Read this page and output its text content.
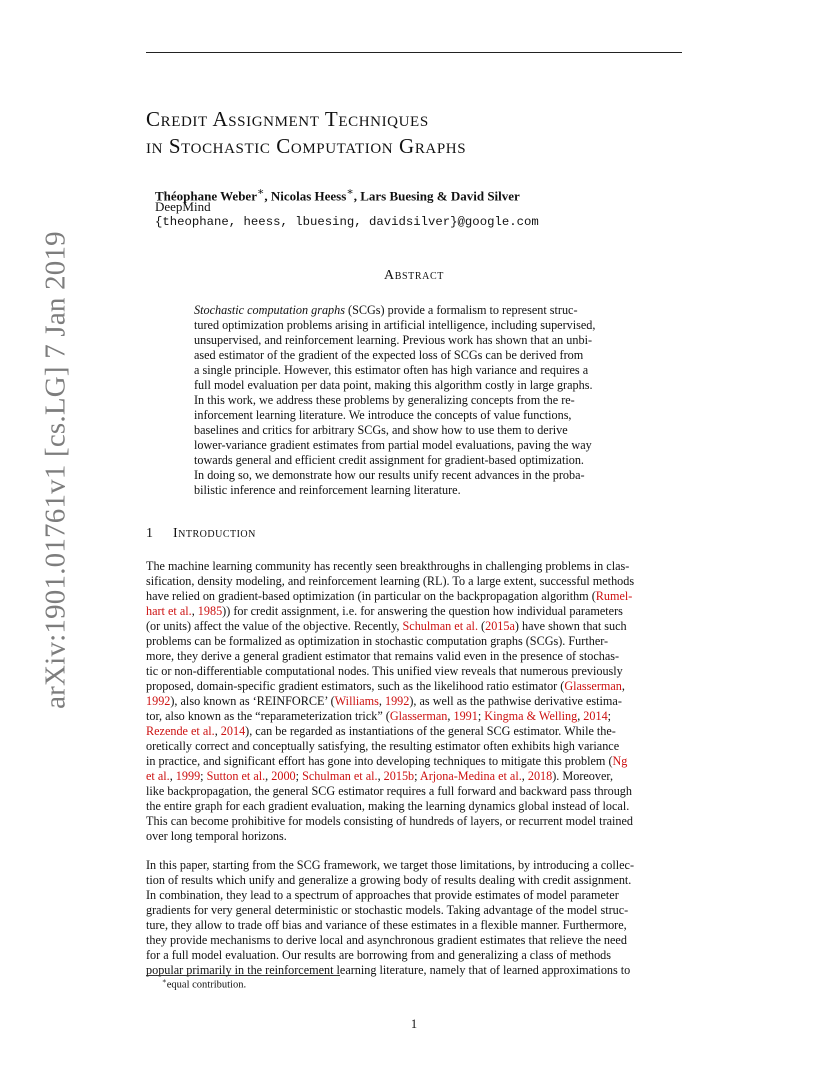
arXiv:1901.01761v1 [cs.LG] 7 Jan 2019
Credit Assignment Techniques
in Stochastic Computation Graphs
Théophane Weber∗, Nicolas Heess∗, Lars Buesing & David Silver
DeepMind
{theophane, heess, lbuesing, davidsilver}@google.com
Abstract
Stochastic computation graphs (SCGs) provide a formalism to represent struc-
tured optimization problems arising in artificial intelligence, including supervised,
unsupervised, and reinforcement learning. Previous work has shown that an unbi-
ased estimator of the gradient of the expected loss of SCGs can be derived from
a single principle. However, this estimator often has high variance and requires a
full model evaluation per data point, making this algorithm costly in large graphs.
In this work, we address these problems by generalizing concepts from the re-
inforcement learning literature. We introduce the concepts of value functions,
baselines and critics for arbitrary SCGs, and show how to use them to derive
lower-variance gradient estimates from partial model evaluations, paving the way
towards general and efficient credit assignment for gradient-based optimization.
In doing so, we demonstrate how our results unify recent advances in the proba-
bilistic inference and reinforcement learning literature.
1 Introduction
The machine learning community has recently seen breakthroughs in challenging problems in clas-
sification, density modeling, and reinforcement learning (RL). To a large extent, successful methods
have relied on gradient-based optimization (in particular on the backpropagation algorithm (Rumel-
hart et al., 1985)) for credit assignment, i.e. for answering the question how individual parameters
(or units) affect the value of the objective. Recently, Schulman et al. (2015a) have shown that such
problems can be formalized as optimization in stochastic computation graphs (SCGs). Further-
more, they derive a general gradient estimator that remains valid even in the presence of stochas-
tic or non-differentiable computational nodes. This unified view reveals that numerous previously
proposed, domain-specific gradient estimators, such as the likelihood ratio estimator (Glasserman,
1992), also known as ‘REINFORCE’ (Williams, 1992), as well as the pathwise derivative estima-
tor, also known as the “reparameterization trick” (Glasserman, 1991; Kingma & Welling, 2014;
Rezende et al., 2014), can be regarded as instantiations of the general SCG estimator. While the-
oretically correct and conceptually satisfying, the resulting estimator often exhibits high variance
in practice, and significant effort has gone into developing techniques to mitigate this problem (Ng
et al., 1999; Sutton et al., 2000; Schulman et al., 2015b; Arjona-Medina et al., 2018). Moreover,
like backpropagation, the general SCG estimator requires a full forward and backward pass through
the entire graph for each gradient evaluation, making the learning dynamics global instead of local.
This can become prohibitive for models consisting of hundreds of layers, or recurrent model trained
over long temporal horizons.
In this paper, starting from the SCG framework, we target those limitations, by introducing a collec-
tion of results which unify and generalize a growing body of results dealing with credit assignment.
In combination, they lead to a spectrum of approaches that provide estimates of model parameter
gradients for very general deterministic or stochastic models. Taking advantage of the model struc-
ture, they allow to trade off bias and variance of these estimates in a flexible manner. Furthermore,
they provide mechanisms to derive local and asynchronous gradient estimates that relieve the need
for a full model evaluation. Our results are borrowing from and generalizing a class of methods
popular primarily in the reinforcement learning literature, namely that of learned approximations to
∗equal contribution.
1
